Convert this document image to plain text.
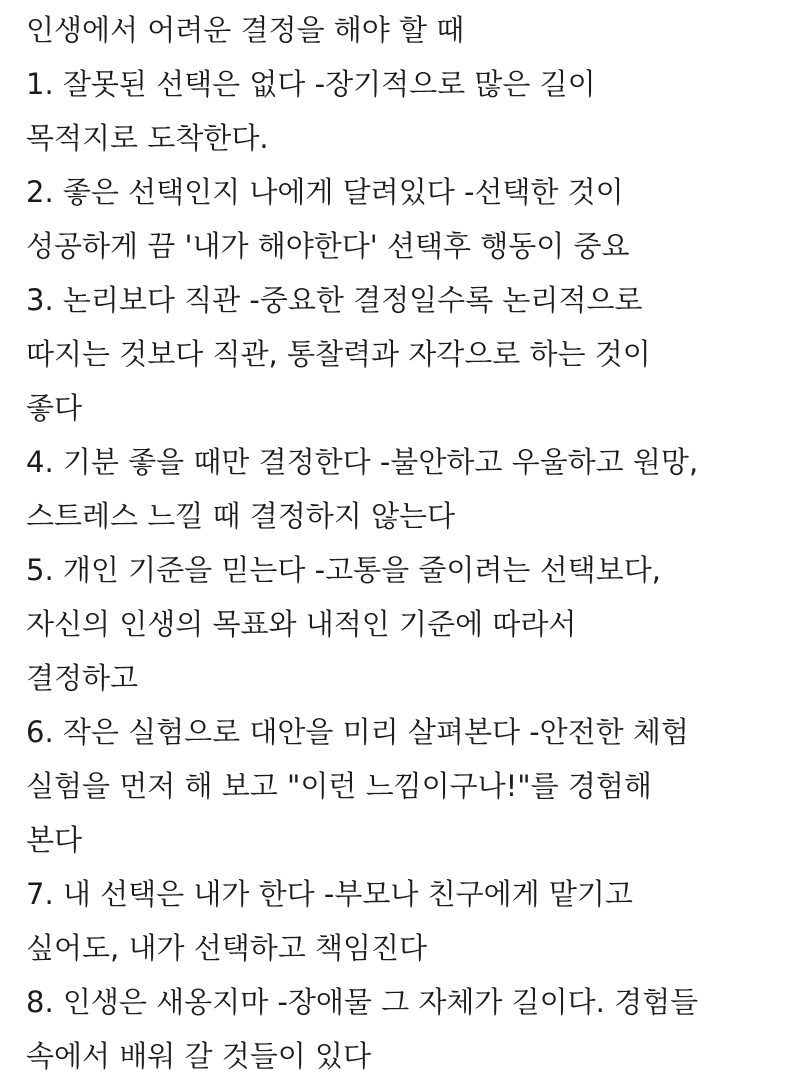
인생에서 어려운 결정을 해야 할 때
1. 잘못된 선택은 없다 -장기적으로 많은 길이
목적지로 도착한다.
2. 좋은 선택인지 나에게 달려있다 -선택한 것이
성공하게 끔 '내가 해야한다' 션택후 행동이 중요
3. 논리보다 직관 -중요한 결정일수록 논리적으로
따지는 것보다 직관, 통찰력과 자각으로 하는 것이
좋다
4. 기분 좋을 때만 결정한다 -불안하고 우울하고 원망,
스트레스 느낄 때 결정하지 않는다
5. 개인 기준을 믿는다 -고통을 줄이려는 선택보다,
자신의 인생의 목표와 내적인 기준에 따라서
결정하고
6. 작은 실험으로 대안을 미리 살펴본다 -안전한 체험
실험을 먼저 해 보고 "이런 느낌이구나!"를 경험해
본다
7. 내 선택은 내가 한다 -부모나 친구에게 맡기고
싶어도, 내가 선택하고 책임진다
8. 인생은 새옹지마 -장애물 그 자체가 길이다. 경험들
속에서 배워 갈 것들이 있다
